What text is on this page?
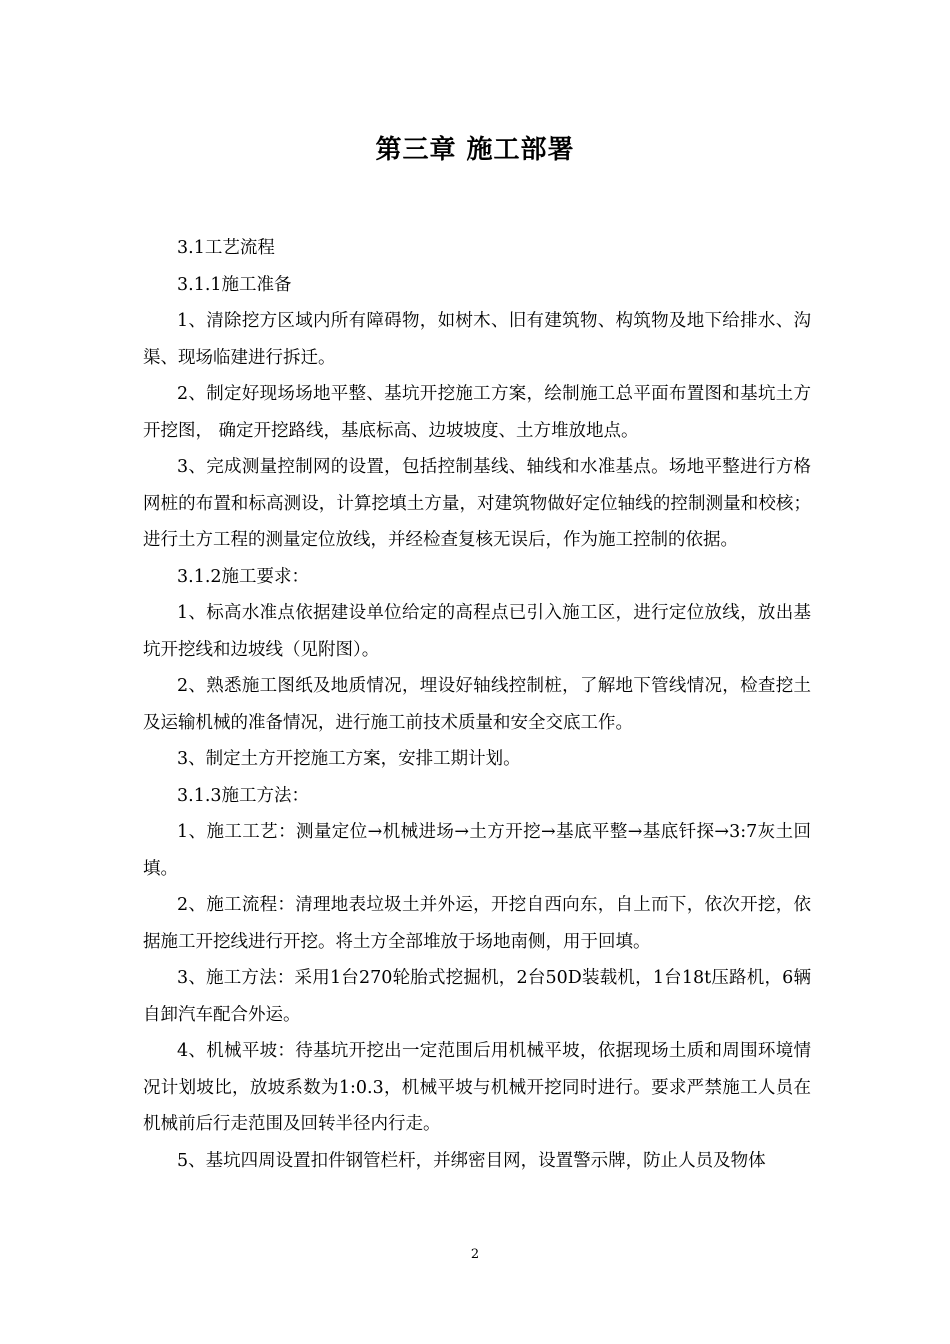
第三章 施工部署

3.1工艺流程

3.1.1施工准备

1、清除挖方区域内所有障碍物，如树木、旧有建筑物、构筑物及地下给排水、沟渠、现场临建进行拆迁。

2、制定好现场场地平整、基坑开挖施工方案，绘制施工总平面布置图和基坑土方开挖图， 确定开挖路线，基底标高、边坡坡度、土方堆放地点。

3、完成测量控制网的设置，包括控制基线、轴线和水准基点。场地平整进行方格网桩的布置和标高测设，计算挖填土方量，对建筑物做好定位轴线的控制测量和校核；进行土方工程的测量定位放线，并经检查复核无误后，作为施工控制的依据。

3.1.2施工要求：

1、标高水准点依据建设单位给定的高程点已引入施工区，进行定位放线，放出基坑开挖线和边坡线（见附图）。

2、熟悉施工图纸及地质情况，埋设好轴线控制桩，了解地下管线情况，检查挖土及运输机械的准备情况，进行施工前技术质量和安全交底工作。

3、制定土方开挖施工方案，安排工期计划。

3.1.3施工方法：

1、施工工艺：测量定位→机械进场→土方开挖→基底平整→基底钎探→3:7灰土回填。

2、施工流程：清理地表垃圾土并外运，开挖自西向东，自上而下，依次开挖，依据施工开挖线进行开挖。将土方全部堆放于场地南侧，用于回填。

3、施工方法：采用1台270轮胎式挖掘机，2台50D装载机，1台18t压路机，6辆自卸汽车配合外运。

4、机械平坡：待基坑开挖出一定范围后用机械平坡，依据现场土质和周围环境情况计划坡比，放坡系数为1:0.3，机械平坡与机械开挖同时进行。要求严禁施工人员在机械前后行走范围及回转半径内行走。

5、基坑四周设置扣件钢管栏杆，并绑密目网，设置警示牌，防止人员及物体

2
